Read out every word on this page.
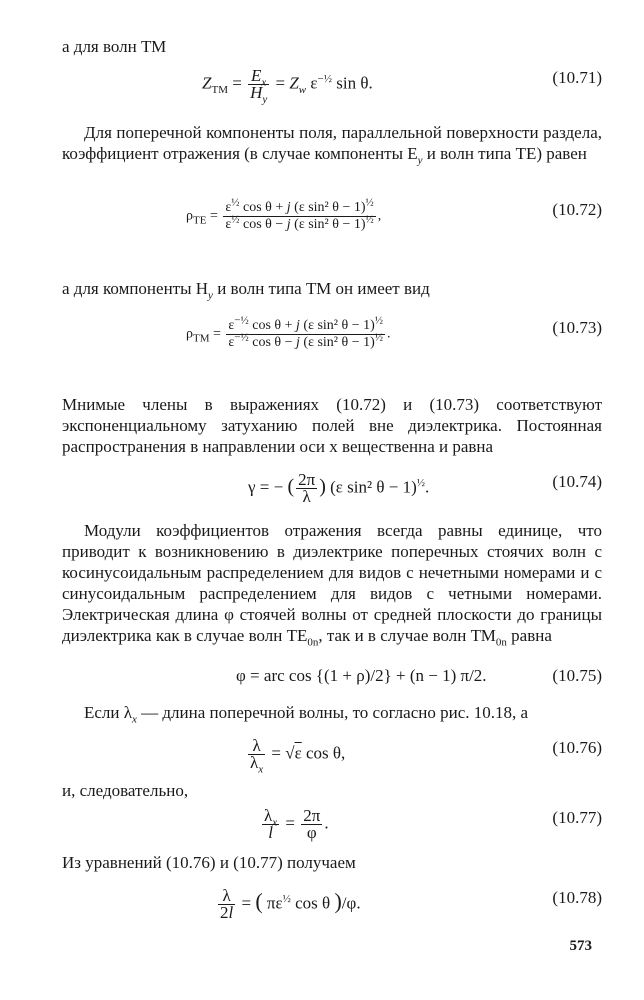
а для волн ТМ
$Z_{TM} = \frac{E_x}{H_y} = Z_w$ $\varepsilon^{-\frac{1}{2}}$ sin θ.	(10.71)
Для поперечной компоненты поля, параллельной поверхности раздела, коэффициент отражения (в случае компоненты $E_y$ и волн типа ТЕ) равен
$\rho_{TE} = \frac{\varepsilon^{\frac{1}{2}} \cos \theta + j (\varepsilon \sin^2 \theta - 1)^{\frac{1}{2}}}{\varepsilon^{\frac{1}{2}} \cos \theta - j (\varepsilon \sin^2 \theta - 1)^{\frac{1}{2}}}$ ,	(10.72)
а для компоненты $H_y$ и волн типа ТМ он имеет вид
$\rho_{TM} = \frac{\varepsilon^{-\frac{1}{2}} \cos \theta + j (\varepsilon \sin^2 \theta - 1)^{\frac{1}{2}}}{\varepsilon^{-\frac{1}{2}} \cos \theta - j (\varepsilon \sin^2 \theta - 1)^{\frac{1}{2}}}$ .	(10.73)
Мнимые члены в выражениях (10.72) и (10.73) соответствуют экспоненциальному затуханию полей вне диэлектрика. Постоянная распространения в направлении оси x вещественна и равна
γ = − ( $\frac{2\pi}{\lambda}$ ) (ε sin² θ − 1)$^{\frac{1}{2}}$.	(10.74)
Модули коэффициентов отражения всегда равны единице, что приводит к возникновению в диэлектрике поперечных стоячих волн с косинусоидальным распределением для видов с нечетными номерами и с синусоидальным распределением для видов с четными номерами. Электрическая длина φ стоячей волны от средней плоскости до границы диэлектрика как в случае волн $ТЕ_{0n}$, так и в случае волн $ТМ_{0n}$ равна
φ = arc cos {(1 + ρ)/2} + (n − 1) π/2.	(10.75)
Если $\lambda_x$ — длина поперечной волны, то согласно рис. 10.18, а
$\frac{\lambda}{\lambda_x} = √\varepsilon$ cos θ,	(10.76)
и, следовательно,
$\frac{\lambda_x}{l} = \frac{2\pi}{\varphi}$ .	(10.77)
Из уравнений (10.76) и (10.77) получаем
$\frac{\lambda}{2l}$ = ( $\pi\varepsilon^{\frac{1}{2}}$ cos θ )/φ.	(10.78)
573
